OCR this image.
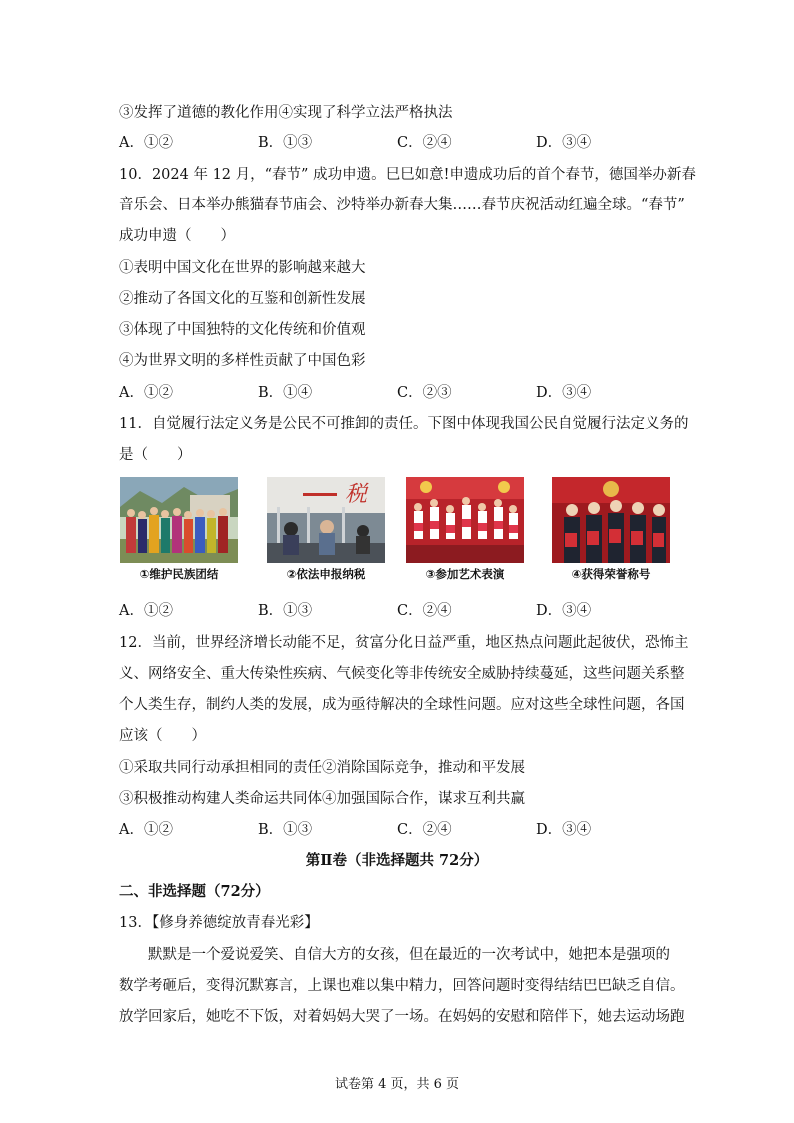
③发挥了道德的教化作用④实现了科学立法严格执法
A．①②	B．①③	C．②④	D．③④
10．2024 年 12 月，“春节” 成功申遗。巳巳如意!申遗成功后的首个春节，德国举办新春
音乐会、日本举办熊猫春节庙会、沙特举办新春大集……春节庆祝活动红遍全球。“春节”
成功申遗（　　）
①表明中国文化在世界的影响越来越大
②推动了各国文化的互鉴和创新性发展
③体现了中国独特的文化传统和价值观
④为世界文明的多样性贡献了中国色彩
A．①②	B．①④	C．②③	D．③④
11．自觉履行法定义务是公民不可推卸的责任。下图中体现我国公民自觉履行法定义务的
是（　　）
①维护民族团结
税
②依法申报纳税	③参加艺术表演	④获得荣誉称号
A．①②	B．①③	C．②④	D．③④
12．当前，世界经济增长动能不足，贫富分化日益严重，地区热点问题此起彼伏，恐怖主
义、网络安全、重大传染性疾病、气候变化等非传统安全威胁持续蔓延，这些问题关系整
个人类生存，制约人类的发展，成为亟待解决的全球性问题。应对这些全球性问题，各国
应该（　　）
①采取共同行动承担相同的责任②消除国际竞争，推动和平发展
③积极推动构建人类命运共同体④加强国际合作，谋求互利共赢
A．①②	B．①③	C．②④	D．③④
第Ⅱ卷（非选择题共 72分）
二、非选择题（72分）
13．【修身养德绽放青春光彩】
默默是一个爱说爱笑、自信大方的女孩，但在最近的一次考试中，她把本是强项的
数学考砸后，变得沉默寡言，上课也难以集中精力，回答问题时变得结结巴巴缺乏自信。
放学回家后，她吃不下饭，对着妈妈大哭了一场。在妈妈的安慰和陪伴下，她去运动场跑
试卷第 4 页，共 6 页
